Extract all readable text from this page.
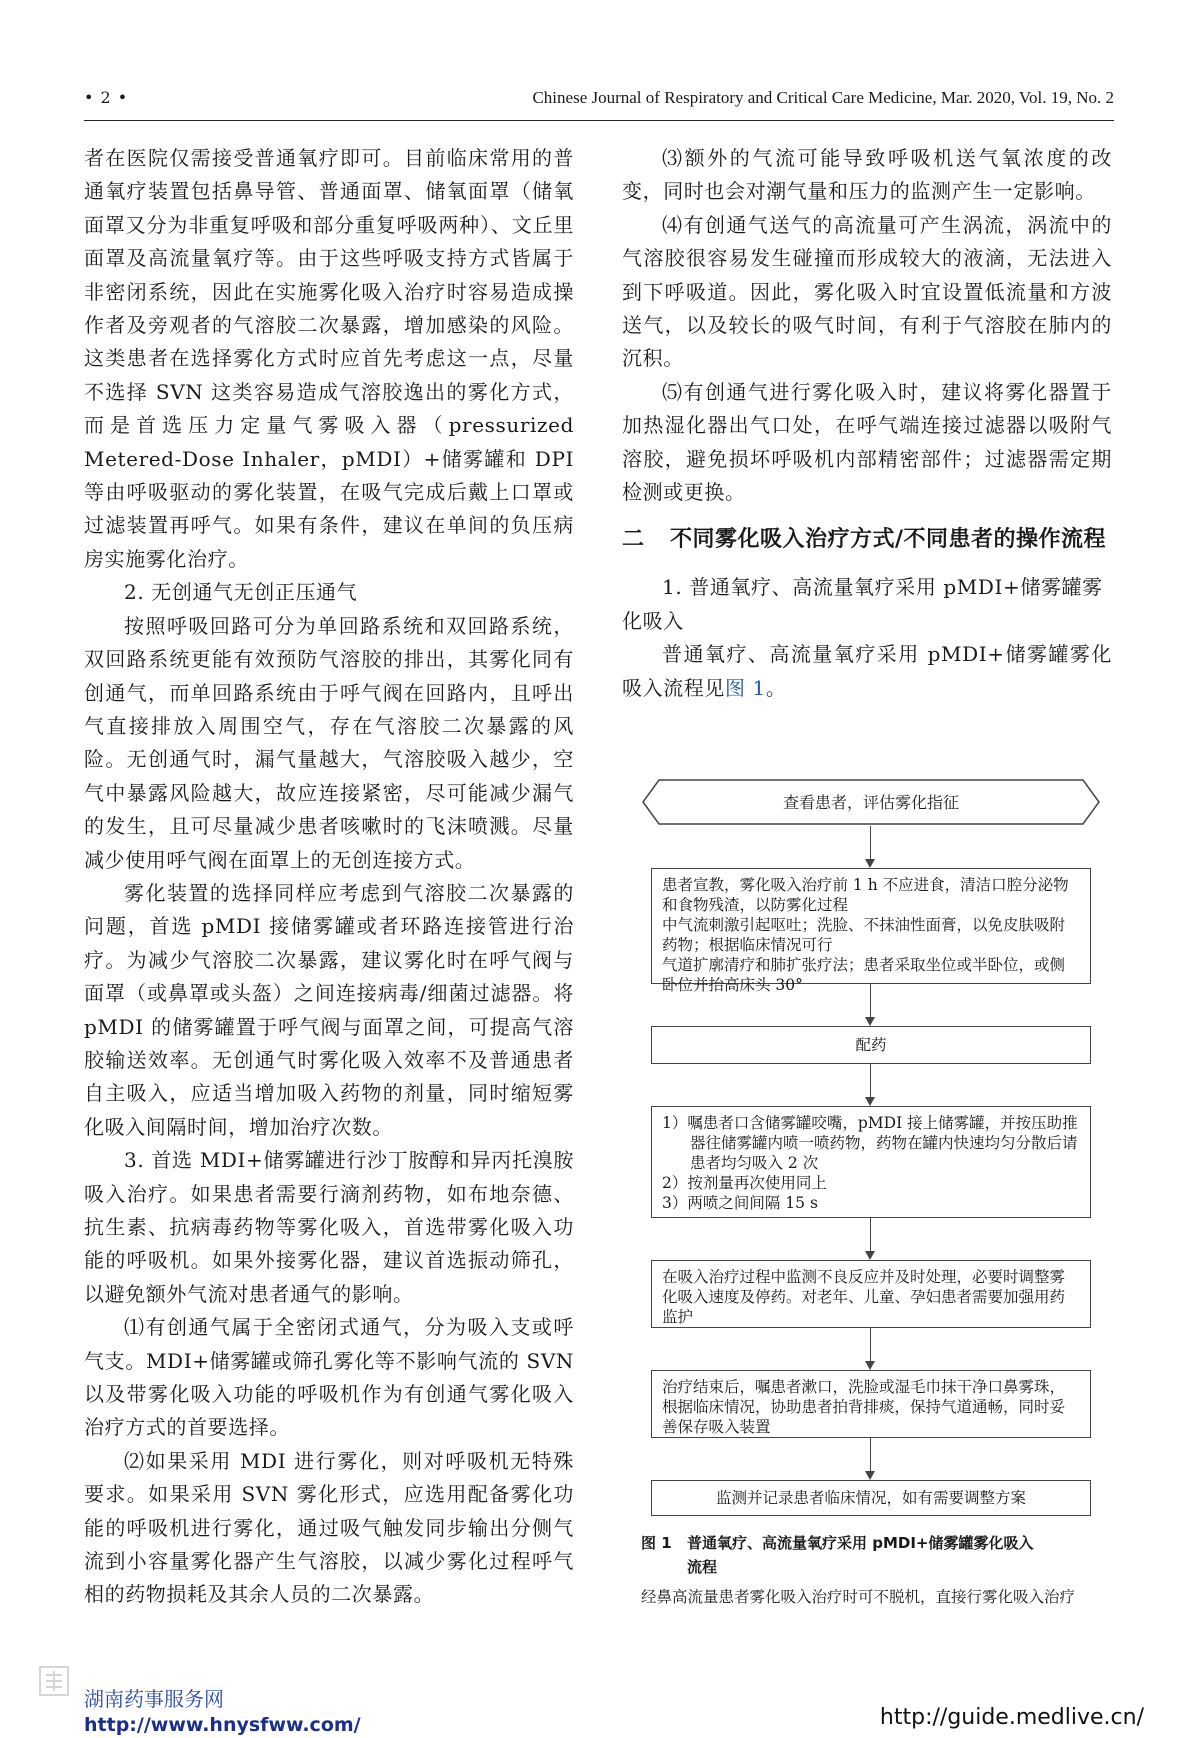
• 2 •	Chinese Journal of Respiratory and Critical Care Medicine, Mar. 2020, Vol. 19, No. 2

者在医院仅需接受普通氧疗即可。目前临床常用的普通氧疗装置包括鼻导管、普通面罩、储氧面罩（储氧面罩又分为非重复呼吸和部分重复呼吸两种）、文丘里面罩及高流量氧疗等。由于这些呼吸支持方式皆属于非密闭系统，因此在实施雾化吸入治疗时容易造成操作者及旁观者的气溶胶二次暴露，增加感染的风险。这类患者在选择雾化方式时应首先考虑这一点，尽量不选择 SVN 这类容易造成气溶胶逸出的雾化方式，而是首选压力定量气雾吸入器（pressurized Metered-Dose Inhaler，pMDI）+储雾罐和 DPI 等由呼吸驱动的雾化装置，在吸气完成后戴上口罩或过滤装置再呼气。如果有条件，建议在单间的负压病房实施雾化治疗。

2. 无创通气无创正压通气

按照呼吸回路可分为单回路系统和双回路系统，双回路系统更能有效预防气溶胶的排出，其雾化同有创通气，而单回路系统由于呼气阀在回路内，且呼出气直接排放入周围空气，存在气溶胶二次暴露的风险。无创通气时，漏气量越大，气溶胶吸入越少，空气中暴露风险越大，故应连接紧密，尽可能减少漏气的发生，且可尽量减少患者咳嗽时的飞沫喷溅。尽量减少使用呼气阀在面罩上的无创连接方式。

雾化装置的选择同样应考虑到气溶胶二次暴露的问题，首选 pMDI 接储雾罐或者环路连接管进行治疗。为减少气溶胶二次暴露，建议雾化时在呼气阀与面罩（或鼻罩或头盔）之间连接病毒/细菌过滤器。将 pMDI 的储雾罐置于呼气阀与面罩之间，可提高气溶胶输送效率。无创通气时雾化吸入效率不及普通患者自主吸入，应适当增加吸入药物的剂量，同时缩短雾化吸入间隔时间，增加治疗次数。

3. 首选 MDI+储雾罐进行沙丁胺醇和异丙托溴胺吸入治疗。如果患者需要行滴剂药物，如布地奈德、抗生素、抗病毒药物等雾化吸入，首选带雾化吸入功能的呼吸机。如果外接雾化器，建议首选振动筛孔，以避免额外气流对患者通气的影响。

⑴有创通气属于全密闭式通气，分为吸入支或呼气支。MDI+储雾罐或筛孔雾化等不影响气流的 SVN 以及带雾化吸入功能的呼吸机作为有创通气雾化吸入治疗方式的首要选择。

⑵如果采用 MDI 进行雾化，则对呼吸机无特殊要求。如果采用 SVN 雾化形式，应选用配备雾化功能的呼吸机进行雾化，通过吸气触发同步输出分侧气流到小容量雾化器产生气溶胶，以减少雾化过程呼气相的药物损耗及其余人员的二次暴露。

⑶额外的气流可能导致呼吸机送气氧浓度的改变，同时也会对潮气量和压力的监测产生一定影响。

⑷有创通气送气的高流量可产生涡流，涡流中的气溶胶很容易发生碰撞而形成较大的液滴，无法进入到下呼吸道。因此，雾化吸入时宜设置低流量和方波送气，以及较长的吸气时间，有利于气溶胶在肺内的沉积。

⑸有创通气进行雾化吸入时，建议将雾化器置于加热湿化器出气口处，在呼气端连接过滤器以吸附气溶胶，避免损坏呼吸机内部精密部件；过滤器需定期检测或更换。

二 不同雾化吸入治疗方式/不同患者的操作流程

1. 普通氧疗、高流量氧疗采用 pMDI+储雾罐雾化吸入

普通氧疗、高流量氧疗采用 pMDI+储雾罐雾化吸入流程见图 1。

查看患者，评估雾化指征

患者宣教，雾化吸入治疗前 1 h 不应进食，清洁口腔分泌物和食物残渣，以防雾化过程

中气流刺激引起呕吐；洗脸、不抹油性面膏，以免皮肤吸附药物；根据临床情况可行

气道扩廓清疗和肺扩张疗法；患者采取坐位或半卧位，或侧卧位并抬高床头 30°

配药

1）嘱患者口含储雾罐咬嘴，pMDI 接上储雾罐，并按压助推器往储雾罐内喷一喷药物，药物在罐内快速均匀分散后请患者均匀吸入 2 次

2）按剂量再次使用同上

3）两喷之间间隔 15 s

在吸入治疗过程中监测不良反应并及时处理，必要时调整雾化吸入速度及停药。对老年、儿童、孕妇患者需要加强用药监护

治疗结束后，嘱患者漱口，洗脸或湿毛巾抹干净口鼻雾珠，根据临床情况，协助患者拍背排痰，保持气道通畅，同时妥善保存吸入装置

监测并记录患者临床情况，如有需要调整方案
图 1 普通氧疗、高流量氧疗采用 pMDI+储雾罐雾化吸入
流程
经鼻高流量患者雾化吸入治疗时可不脱机，直接行雾化吸入治疗
湖南药事服务网
http://www.hnysfww.com/	http://guide.medlive.cn/
